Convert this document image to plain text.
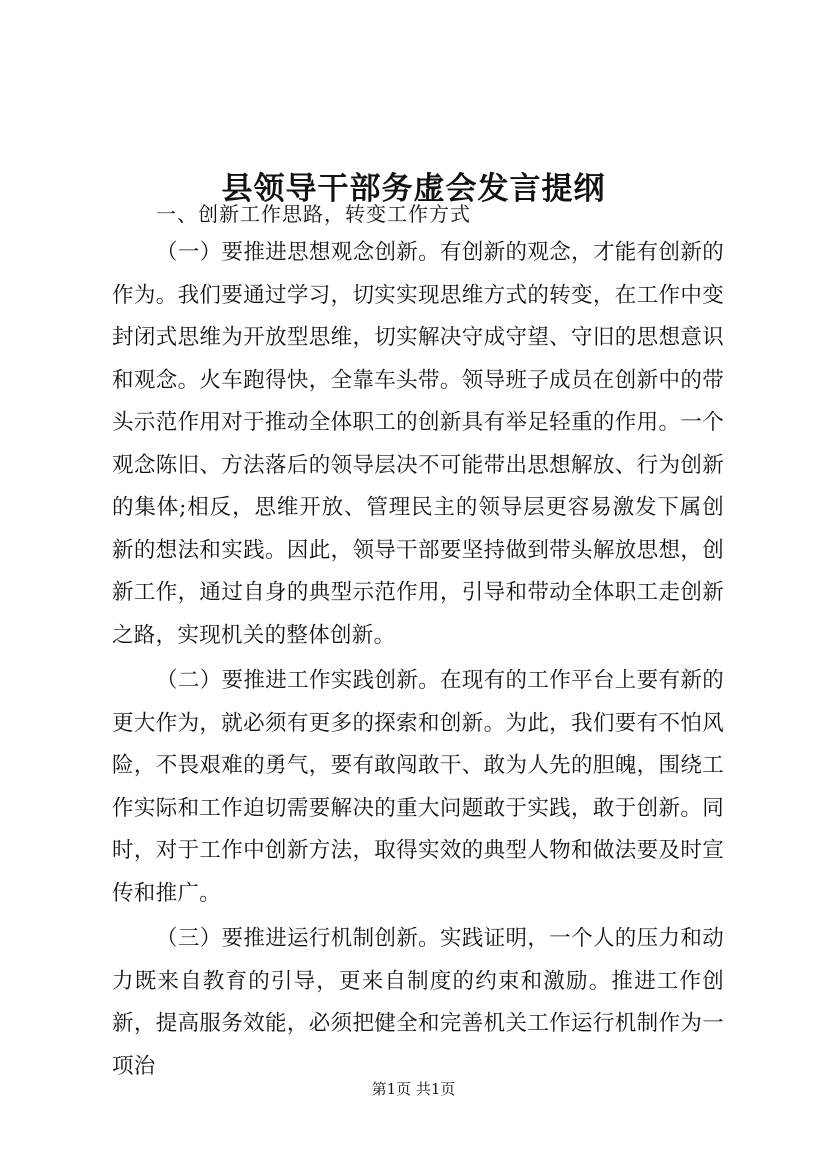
县领导干部务虚会发言提纲

一、创新工作思路，转变工作方式

（一）要推进思想观念创新。有创新的观念，才能有创新的作为。我们要通过学习，切实实现思维方式的转变，在工作中变封闭式思维为开放型思维，切实解决守成守望、守旧的思想意识和观念。火车跑得快，全靠车头带。领导班子成员在创新中的带头示范作用对于推动全体职工的创新具有举足轻重的作用。一个观念陈旧、方法落后的领导层决不可能带出思想解放、行为创新的集体;相反，思维开放、管理民主的领导层更容易激发下属创新的想法和实践。因此，领导干部要坚持做到带头解放思想，创新工作，通过自身的典型示范作用，引导和带动全体职工走创新之路，实现机关的整体创新。

（二）要推进工作实践创新。在现有的工作平台上要有新的更大作为，就必须有更多的探索和创新。为此，我们要有不怕风险，不畏艰难的勇气，要有敢闯敢干、敢为人先的胆魄，围绕工作实际和工作迫切需要解决的重大问题敢于实践，敢于创新。同时，对于工作中创新方法，取得实效的典型人物和做法要及时宣传和推广。

（三）要推进运行机制创新。实践证明，一个人的压力和动力既来自教育的引导，更来自制度的约束和激励。推进工作创新，提高服务效能，必须把健全和完善机关工作运行机制作为一项治

第1页 共1页
